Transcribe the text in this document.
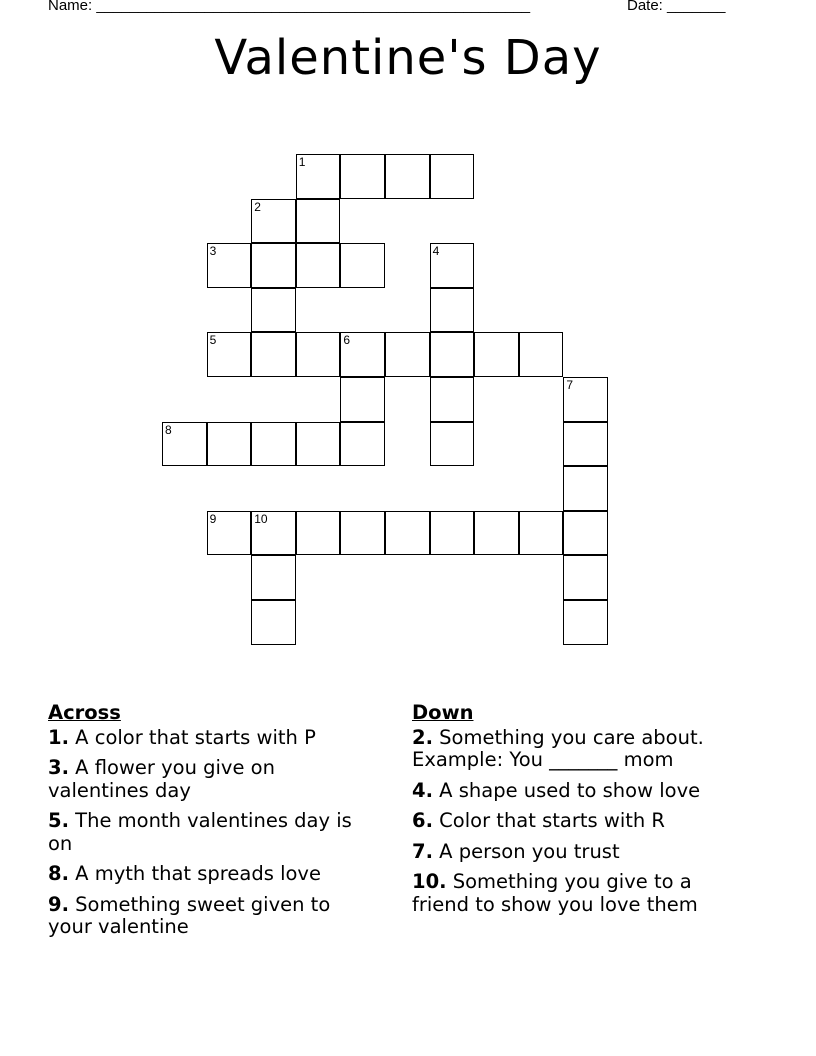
Name: ____________________________________________________	Date: _______
Valentine's Day
1
2
3	4
5	6
7
8
9	10
Across
1. A color that starts with P
3. A flower you give on valentines day
5. The month valentines day is on
8. A myth that spreads love
9. Something sweet given to your valentine
Down
2. Something you care about. Example: You _______ mom
4. A shape used to show love
6. Color that starts with R
7. A person you trust
10. Something you give to a friend to show you love them
